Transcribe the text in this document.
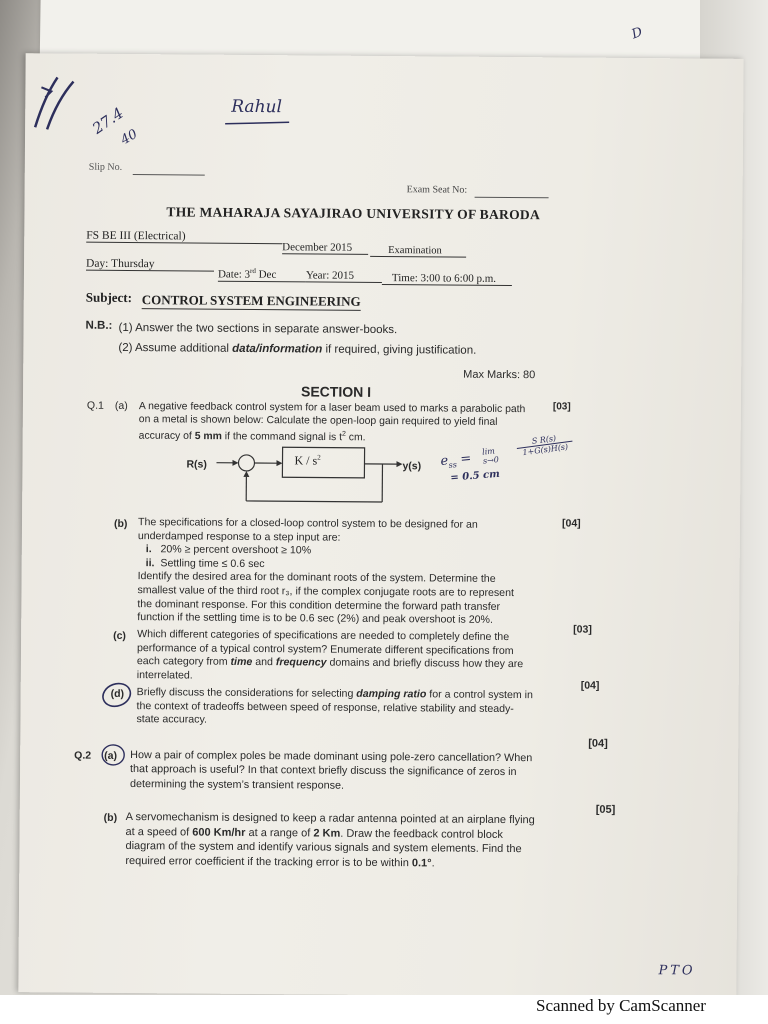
D
27.4
40
Rahul
Slip No.
Exam Seat No:
THE MAHARAJA SAYAJIRAO UNIVERSITY OF BARODA
FS BE III (Electrical)
December 2015	Examination
Day: Thursday
Date: 3rd Dec	Year: 2015	Time: 3:00 to 6:00 p.m.
Subject: CONTROL SYSTEM ENGINEERING
N.B.: (1) Answer the two sections in separate answer-books.
(2) Assume additional data/information if required, giving justification.
Max Marks: 80
SECTION I
Q.1 (a) A negative feedback control system for a laser beam used to marks a parabolic path
on a metal is shown below: Calculate the open-loop gain required to yield final
accuracy of 5 mm if the command signal is $t^2$ cm.
[03]
R(s)	K / $s^2$
y(s) $e_{ss} = \lim$
s→0
S R(s)
1+G(s)H(s)
= 0.5 cm
(b) The specifications for a closed-loop control system to be designed for an
underdamped response to a step input are:
i. 20% ≥ percent overshoot ≥ 10%
ii. Settling time ≤ 0.6 sec
Identify the desired area for the dominant roots of the system. Determine the
smallest value of the third root r₃, if the complex conjugate roots are to represent
the dominant response. For this condition determine the forward path transfer
function if the settling time is to be 0.6 sec (2%) and peak overshoot is 20%.
[04]
(c) Which different categories of specifications are needed to completely define the
performance of a typical control system? Enumerate different specifications from
each category from time and frequency domains and briefly discuss how they are
interrelated.
[03]
(d) Briefly discuss the considerations for selecting damping ratio for a control system in
the context of tradeoffs between speed of response, relative stability and steady-
state accuracy.
[04]
Q.2 (a) How a pair of complex poles be made dominant using pole-zero cancellation? When
that approach is useful? In that context briefly discuss the significance of zeros in
determining the system’s transient response.
[04]
(b) A servomechanism is designed to keep a radar antenna pointed at an airplane flying
at a speed of 600 Km/hr at a range of 2 Km. Draw the feedback control block
diagram of the system and identify various signals and system elements. Find the
required error coefficient if the tracking error is to be within 0.1°.
[05]
PTO
Scanned by CamScanner
